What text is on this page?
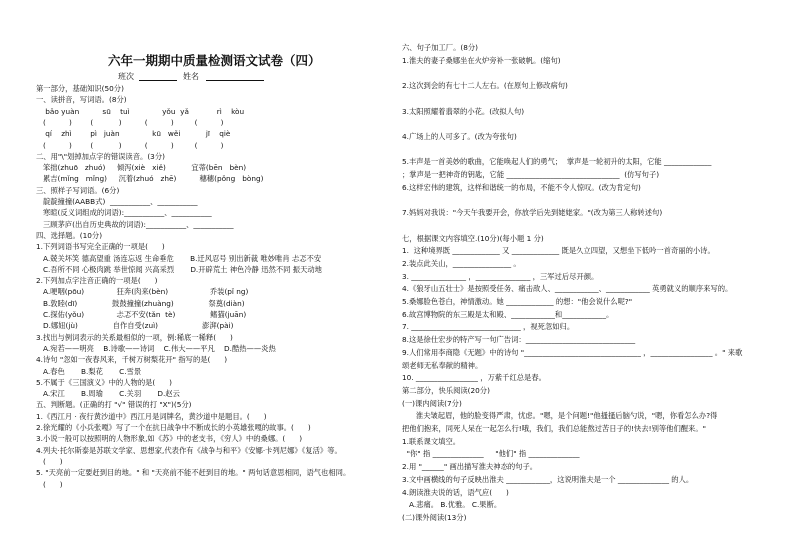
六年一期期中质量检测语文试卷（四）
班次	姓名
第一部分，基础知识(50分)
一、读拼音，写词语。(8分)
bǎo yuàn          sū    tuì              yǒu  yǎ            rì    kòu
(          )        (           )          (          )         (          )
qí    zhì        pì   juàn              kū   wěi           jī    qiè
(          )        (           )          (          )         (          )
二、用"\"划掉加点字的错误读音。(3分)
笨拙(zhuō   zhuó)     倾泻(xiè   xiě)           宜蒂(bēn   bèn)
累吉(mǐng   mǐng)     沉着(zhuó   zhē)          穗穗(pǒng   bòng)
三、照样子写词语。(6分)
靛靛撞撞(AABB式)  ___________、___________
寒暄(反义词组成的词语):___________、___________
三顾茅庐(出自历史典故的词语):___________、___________
四、选择题。(10分)
1.下列词语书写完全正确的一项是(      )
A.兢关坏笑 德高望重 汤连忘返 生命垂危       B.迁风忍号 别出新裁 唯妙唯肖 忐忑不安
C.吾所不同 心极肉跳 举世惊闻 兴高采烈       D.开辟荒土 神色冷静 迅然不同 振天动地
2.下列加点字注音正确的一项是(      )
A.哽咽(pōu)              狂奔(肉来(bèn)                  乔装(pǐ ng)
B.敦睦(dī)               鼓鼓撞撞(zhuàng)               祭奠(diàn)
C.探佑(yǒu)              忐忑不安(tǎn  tè)               鳍猫(juān)
D.娜妞(jù)               自作自受(zuì)                   澎湃(pài)
3.找出与例词表示的关系最相似的一项，例:稀底一稀释(      )
A.宛若——明亮    B.诗歌——诗词    C.伟大——平凡    D.酷热——炎热
4.诗句 "忽如一夜春风来，千树万树梨花开" 指写的是(      )
A.春色       B.梨花       C.雪景
5.不属于《三国演义》中的人物的是(      )
A.宋江       B.周瑜       C.关羽       D.赵云
五、判断题。(正确的打 "√" 错误的打 "X")(5分)
1.《西江月 · 夜行黄沙道中》西江月是词牌名，黄沙道中是题目。(      )
2.徐光耀的《小兵张嘎》写了一个在抗日战争中不断成长的小英雄张嘎的故事。(      )
3.小说一般可以按照明的人物形象,如《苏》中的老支书，《穷人》中的桑娜。(      )
4.列夫·托尔斯泰是苏联文学家、思想家,代表作有《战争与和平》《安娜·卡列尼娜》《复活》等。
(      )
5. "天亮前一定要赶到目的地。" 和 "天亮前不能不赶到目的地。" 两句话意思相同，语气也相同。
(      )
六、句子加工厂。(8分)
1.淮夫的妻子桑娜坐在火炉旁补一张破帆。(缩句)
2.这次到会的有七十二人左右。(在原句上修改病句)
3.太阳照耀着翡翠的小花。(改拟人句)
4.广场上的人可多了。(改为夸张句)
5.丰声是一首美妙的歌曲，它能唤起人们的勇气；  掌声是一轮初升的太阳，它能 _____________
；掌声是一把神奇的钥匙，它能 _______________________________  (仿写句子)
6.这样宏伟的建筑，这样和谐统一的布局，不能不令人惊叹。(改为肯定句)
7.妈妈对我说："今天午我要开会，你放学后先到姥姥家。"(改为第三人称转述句)
七，根据课文内容填空.(10分)(每小题 1 分)
1.  这种境界既 _____________ 又 _____________ 既是久立四望，又想坐下低吟一首奇丽的小诗。
2.装点此关山，________________ 。
3. _______________ ，_______________ ，三军过后尽开颜。
4.《狼牙山五壮士》是按照受任务、痛击敌人、____________、____________ 英勇就义的顺序来写的。
5.桑娜脸色苍白，神情激动。她 _____________ 的想："他会说什么呢?"
6.故宫博物院的东三殿是太和殿、____________和____________。
7. ______________________________ ，视死忽如归。
8.这是徐仕宏步的特产写一句广告词：______________________________
9.人们常用李商隐《无题》中的诗句 "________________________________ ，_________________ 。" 来歌
颂老师无私奉献的精神。
10. _________________ ，万紫千红总是春。
第二部分，快乐阅读(20分)
(一)课内阅读(7分)
淮夫皱起眉，他的脸变得严肃，忧虑。"嗯，是个问题!"他搔搔后脑勺说，"嗯，你看怎么办?得
把他们抱来，同死人呆在一起怎么行!哦，我们，我们总能熬过苦日子的!快去!别等他们醒来。"
1.联系课文填空。
"你" 指 ______________     "他们" 指 ______________
2.用 "______" 画出描写淮夫神态的句子。
3.文中画横线的句子反映出淮夫 ____________，这说明淮夫是一个 ______________ 的人。
4.朗读淮夫说的话，语气应(      )
A.悲痛。 B.优雅。 C.果断。
(二)课外阅读(13分)
